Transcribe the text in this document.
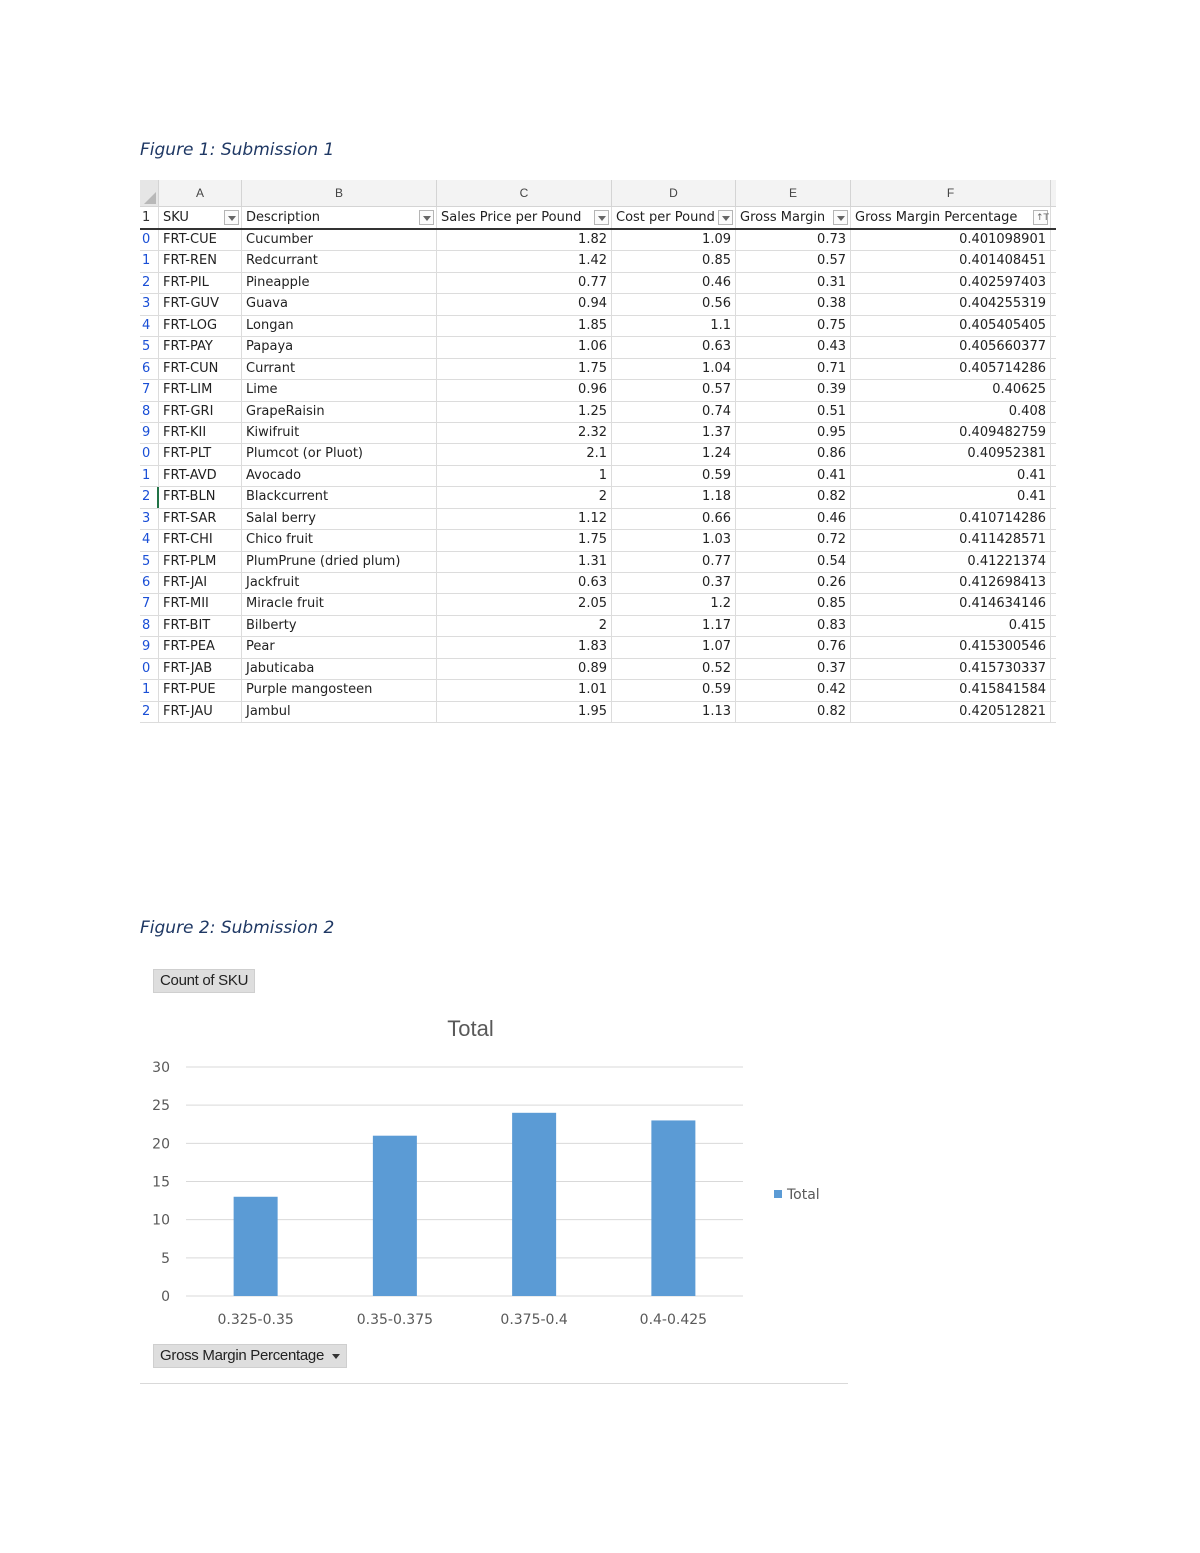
Figure 1: Submission 1
A	B	C	D	E	F
1 SKU	Description	Sales Price per Pound	Cost per Pound	Gross Margin	Gross Margin Percentage
↑T
0 FRT-CUE	Cucumber	1.82	1.09	0.73	0.401098901
1 FRT-REN	Redcurrant	1.42	0.85	0.57	0.401408451
2 FRT-PIL	Pineapple	0.77	0.46	0.31	0.402597403
3 FRT-GUV	Guava	0.94	0.56	0.38	0.404255319
4 FRT-LOG	Longan	1.85	1.1	0.75	0.405405405
5 FRT-PAY	Papaya	1.06	0.63	0.43	0.405660377
6 FRT-CUN	Currant	1.75	1.04	0.71	0.405714286
7 FRT-LIM	Lime	0.96	0.57	0.39	0.40625
8 FRT-GRI	GrapeRaisin	1.25	0.74	0.51	0.408
9 FRT-KII	Kiwifruit	2.32	1.37	0.95	0.409482759
0 FRT-PLT	Plumcot (or Pluot)	2.1	1.24	0.86	0.40952381
1 FRT-AVD	Avocado	1	0.59	0.41	0.41
2 FRT-BLN	Blackcurrent	2	1.18	0.82	0.41
3 FRT-SAR	Salal berry	1.12	0.66	0.46	0.410714286
4 FRT-CHI	Chico fruit	1.75	1.03	0.72	0.411428571
5 FRT-PLM	PlumPrune (dried plum)	1.31	0.77	0.54	0.41221374
6 FRT-JAI	Jackfruit	0.63	0.37	0.26	0.412698413
7 FRT-MII	Miracle fruit	2.05	1.2	0.85	0.414634146
8 FRT-BIT	Bilberty	2	1.17	0.83	0.415
9 FRT-PEA	Pear	1.83	1.07	0.76	0.415300546
0 FRT-JAB	Jabuticaba	0.89	0.52	0.37	0.415730337
1 FRT-PUE	Purple mangosteen	1.01	0.59	0.42	0.415841584
2 FRT-JAU	Jambul	1.95	1.13	0.82	0.420512821
Figure 2: Submission 2
Count of SKU
Total
0
5
10
15
20
25
30
0.325-0.35	0.35-0.375	0.375-0.4	0.4-0.425
Total
Gross Margin Percentage
